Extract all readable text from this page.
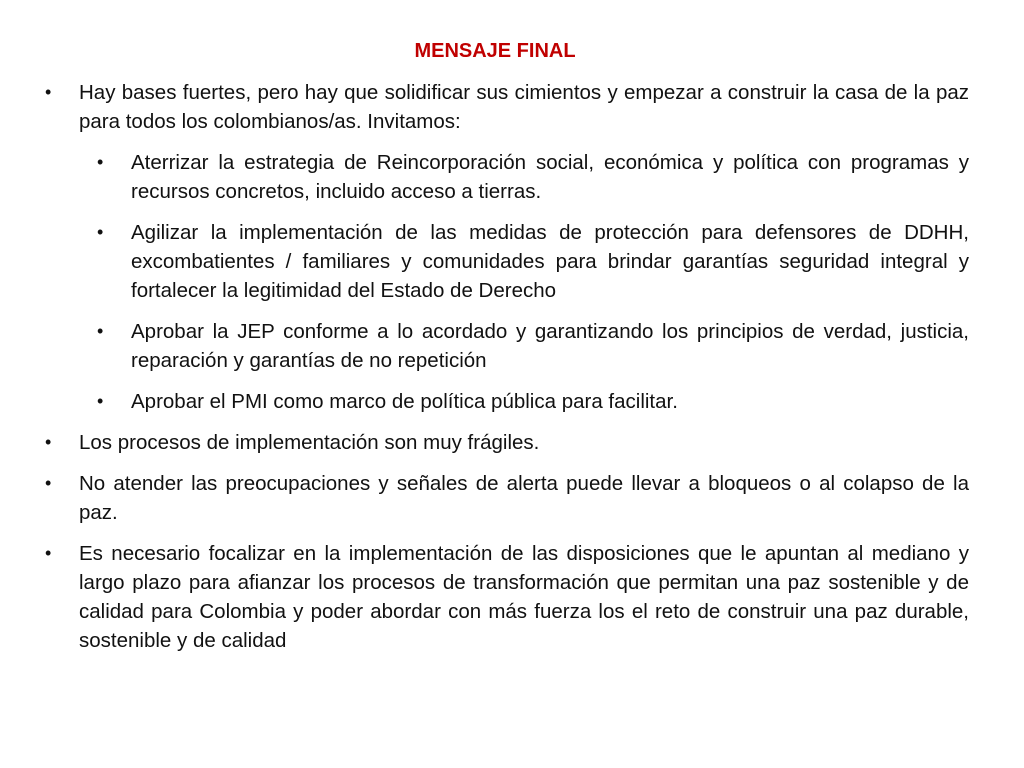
MENSAJE FINAL
•	Hay bases fuertes, pero hay que solidificar sus cimientos y empezar a construir la casa de la paz para todos los colombianos/as. Invitamos:
•	Aterrizar la estrategia de Reincorporación social, económica y política con programas y recursos concretos, incluido acceso a tierras.
•	Agilizar la implementación de las medidas de protección para defensores de DDHH, excombatientes / familiares y comunidades para brindar garantías seguridad integral y fortalecer la legitimidad del Estado de Derecho
•	Aprobar la JEP conforme a lo acordado y garantizando los principios de verdad, justicia, reparación y garantías de no repetición
•	Aprobar el PMI como marco de política pública para facilitar.
•	Los procesos de implementación son muy frágiles.
•	No atender las preocupaciones y señales de alerta puede llevar a bloqueos o al colapso de la paz.
•	Es necesario focalizar en la implementación de las disposiciones que le apuntan al mediano y largo plazo para afianzar los procesos de transformación que permitan una paz sostenible y de calidad para Colombia y poder abordar con más fuerza los el reto de construir una paz durable, sostenible y de calidad
